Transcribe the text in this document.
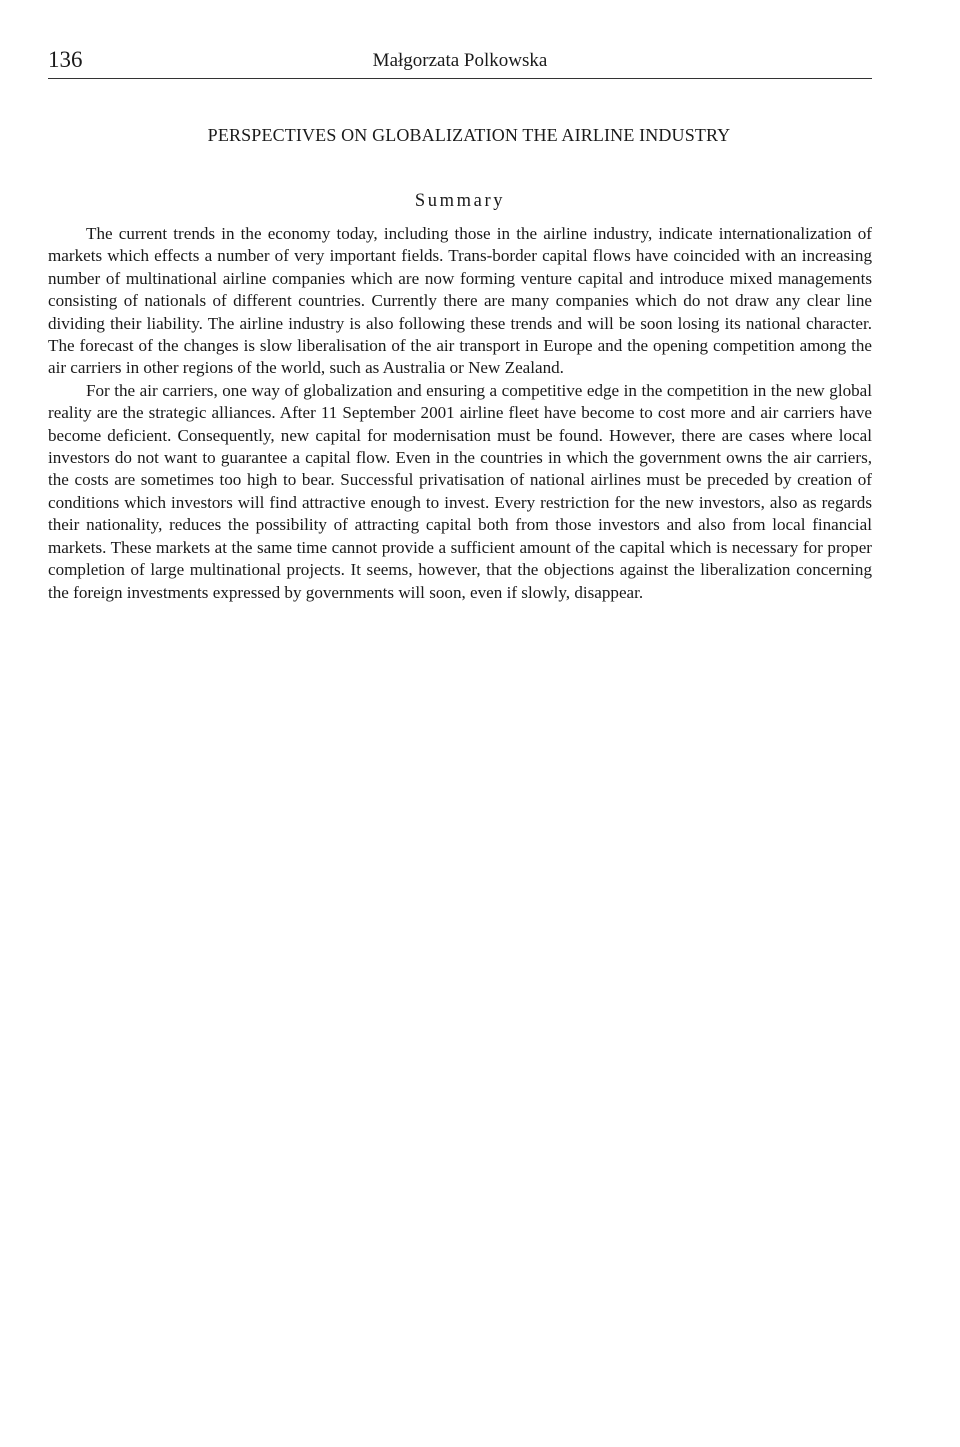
136	Małgorzata Polkowska
PERSPECTIVES ON GLOBALIZATION THE AIRLINE INDUSTRY
Summary

The current trends in the economy today, including those in the airline industry, indicate internationalization of markets which effects a number of very important fields. Trans-border capital flows have coincided with an increasing number of multinational airline companies which are now forming venture capital and introduce mixed managements consisting of nationals of different countries. Currently there are many companies which do not draw any clear line dividing their liability. The airline industry is also following these trends and will be soon losing its national character. The forecast of the changes is slow liberalisation of the air transport in Europe and the opening competition among the air carriers in other regions of the world, such as Australia or New Zealand.

For the air carriers, one way of globalization and ensuring a competitive edge in the competition in the new global reality are the strategic alliances. After 11 September 2001 airline fleet have become to cost more and air carriers have become deficient. Consequently, new capital for modernisation must be found. However, there are cases where local investors do not want to guarantee a capital flow. Even in the countries in which the government owns the air carriers, the costs are sometimes too high to bear. Successful privatisation of national airlines must be preceded by creation of conditions which investors will find attractive enough to invest. Every restriction for the new investors, also as regards their nationality, reduces the possibility of attracting capital both from those investors and also from local financial markets. These markets at the same time cannot provide a sufficient amount of the capital which is necessary for proper completion of large multinational projects. It seems, however, that the objections against the liberalization concerning the foreign investments expressed by governments will soon, even if slowly, disappear.
